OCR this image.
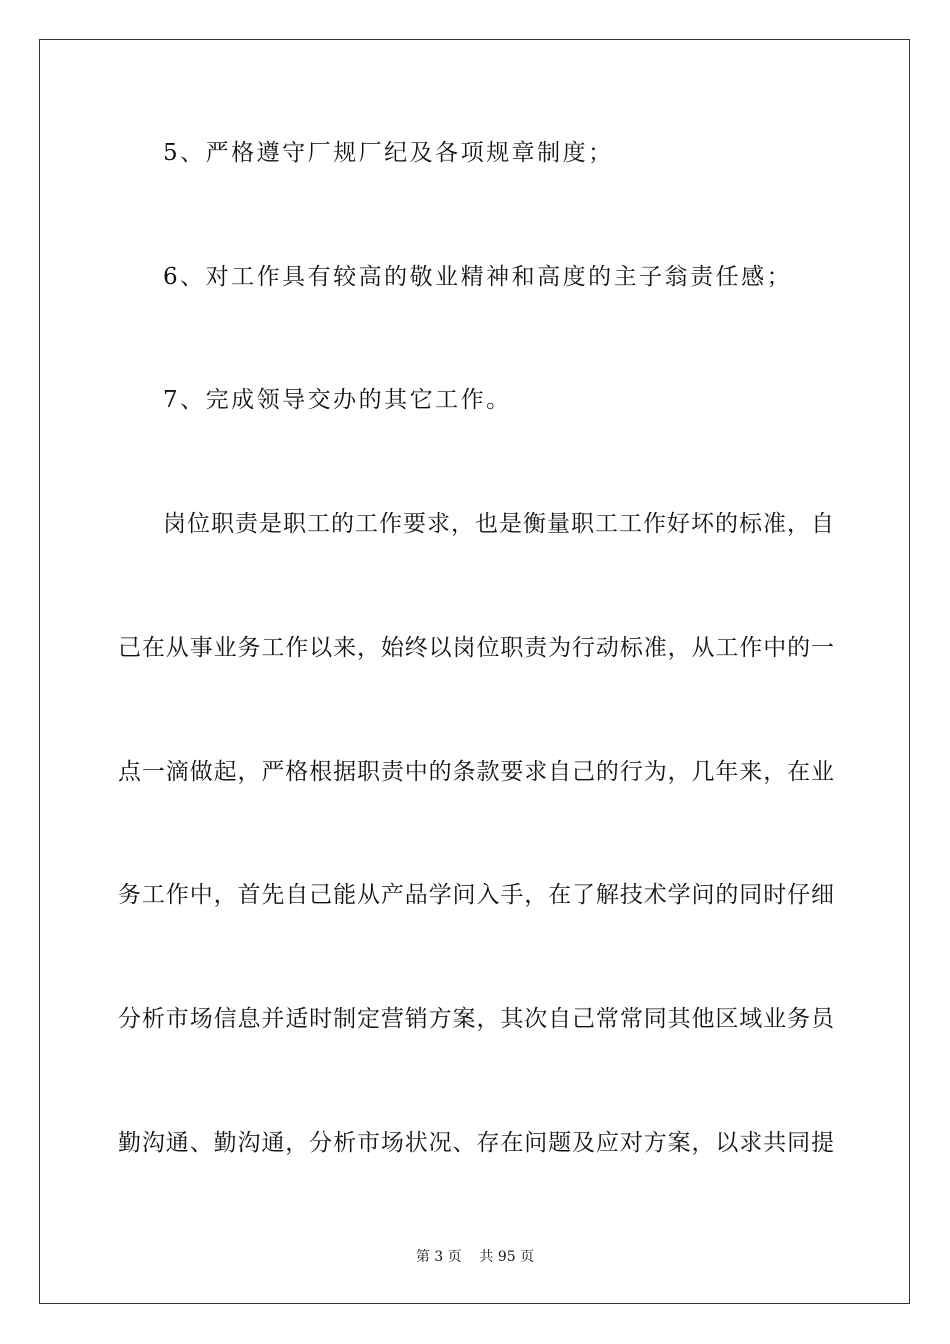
5、严格遵守厂规厂纪及各项规章制度；
6、对工作具有较高的敬业精神和高度的主子翁责任感；
7、完成领导交办的其它工作。
岗位职责是职工的工作要求，也是衡量职工工作好坏的标准，自
己在从事业务工作以来，始终以岗位职责为行动标准，从工作中的一
点一滴做起，严格根据职责中的条款要求自己的行为，几年来，在业
务工作中，首先自己能从产品学问入手，在了解技术学问的同时仔细
分析市场信息并适时制定营销方案，其次自己常常同其他区域业务员
勤沟通、勤沟通，分析市场状况、存在问题及应对方案，以求共同提
第 3 页    共 95 页
